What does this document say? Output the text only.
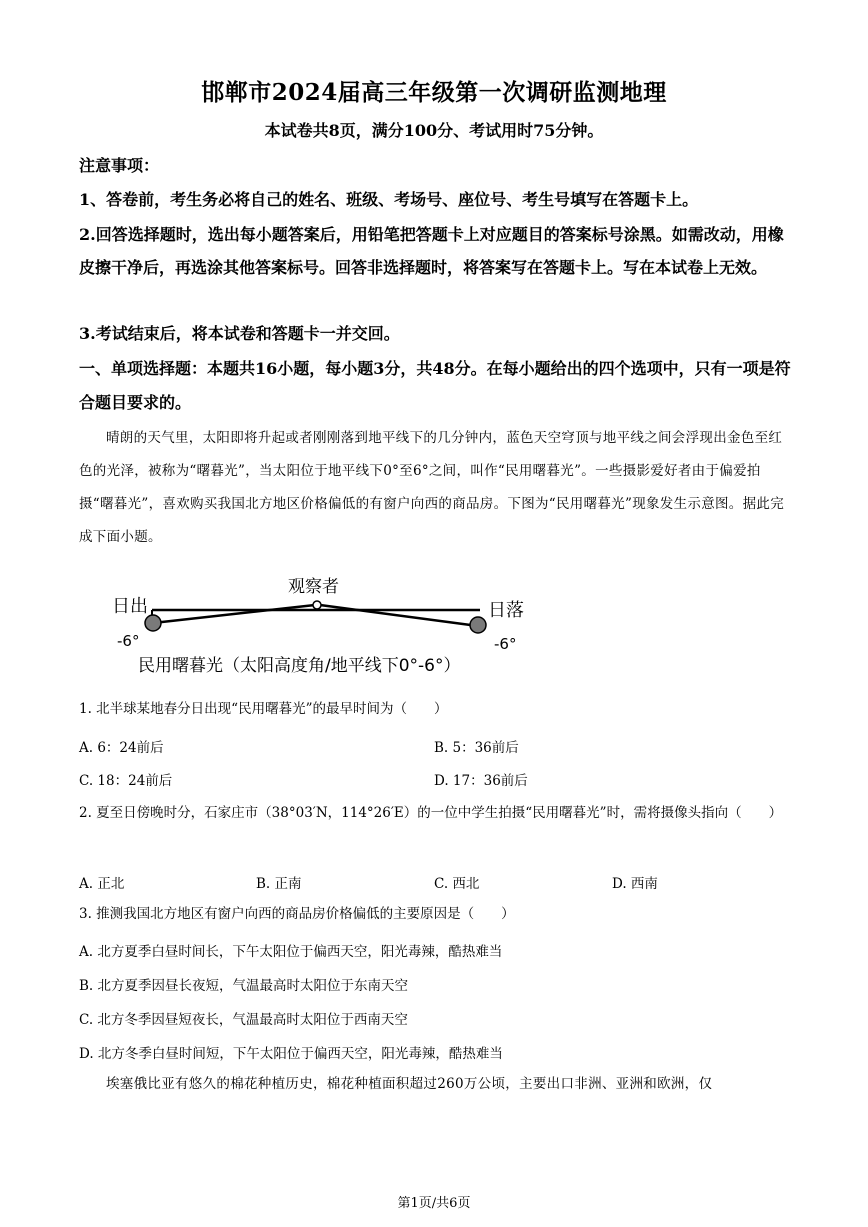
邯郸市2024届高三年级第一次调研监测地理
本试卷共8页，满分100分、考试用时75分钟。
注意事项：
1、答卷前，考生务必将自己的姓名、班级、考场号、座位号、考生号填写在答题卡上。
2.回答选择题时，选出每小题答案后，用铅笔把答题卡上对应题目的答案标号涂黑。如需改动，用橡皮擦干净后，再选涂其他答案标号。回答非选择题时，将答案写在答题卡上。写在本试卷上无效。
3.考试结束后，将本试卷和答题卡一并交回。
一、单项选择题：本题共16小题，每小题3分，共48分。在每小题给出的四个选项中，只有一项是符合题目要求的。
晴朗的天气里，太阳即将升起或者刚刚落到地平线下的几分钟内，蓝色天空穹顶与地平线之间会浮现出金色至红色的光泽，被称为“曙暮光”，当太阳位于地平线下0°至6°之间，叫作“民用曙暮光”。一些摄影爱好者由于偏爱拍摄“曙暮光”，喜欢购买我国北方地区价格偏低的有窗户向西的商品房。下图为“民用曙暮光”现象发生示意图。据此完成下面小题。
观察者
日出	日落
-6°	-6°
民用曙暮光（太阳高度角/地平线下0°-6°）
1. 北半球某地春分日出现“民用曙暮光”的最早时间为（　　）
A. 6：24前后	B. 5：36前后
C. 18：24前后	D. 17：36前后
2. 夏至日傍晚时分，石家庄市（38°03′N，114°26′E）的一位中学生拍摄“民用曙暮光”时，需将摄像头指向（　　）
A. 正北	B. 正南	C. 西北	D. 西南
3. 推测我国北方地区有窗户向西的商品房价格偏低的主要原因是（　　）
A. 北方夏季白昼时间长，下午太阳位于偏西天空，阳光毒辣，酷热难当
B. 北方夏季因昼长夜短，气温最高时太阳位于东南天空
C. 北方冬季因昼短夜长，气温最高时太阳位于西南天空
D. 北方冬季白昼时间短，下午太阳位于偏西天空，阳光毒辣，酷热难当
埃塞俄比亚有悠久的棉花种植历史，棉花种植面积超过260万公顷，主要出口非洲、亚洲和欧洲，仅
第1页/共6页
